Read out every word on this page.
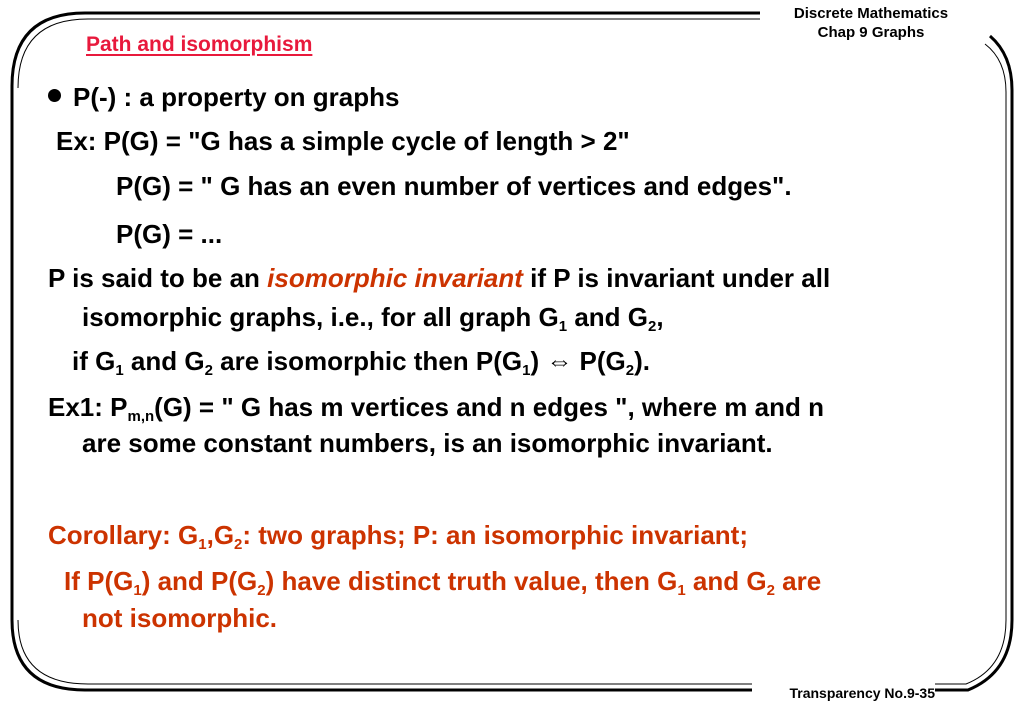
Discrete Mathematics
Chap 9 Graphs
Path and isomorphism
P(-) : a property on graphs
Ex: P(G) = "G has a simple cycle of length > 2"
P(G) = " G has an even number of vertices and edges".
P(G) = ...
P is said to be an isomorphic invariant if P is invariant under all
isomorphic graphs, i.e., for all graph $G_1$ and $G_2$,
if $G_1$ and $G_2$ are isomorphic then $P(G_1)$ ⇔ $P(G_2)$.
Ex1: $P_{m,n}(G)$ = " G has m vertices and n edges ", where m and n
are some constant numbers, is an isomorphic invariant.
Corollary: $G_1,G_2$: two graphs; P: an isomorphic invariant;
If $P(G_1)$ and $P(G_2)$ have distinct truth value, then $G_1$ and $G_2$ are
not isomorphic.
Transparency No.9-35
